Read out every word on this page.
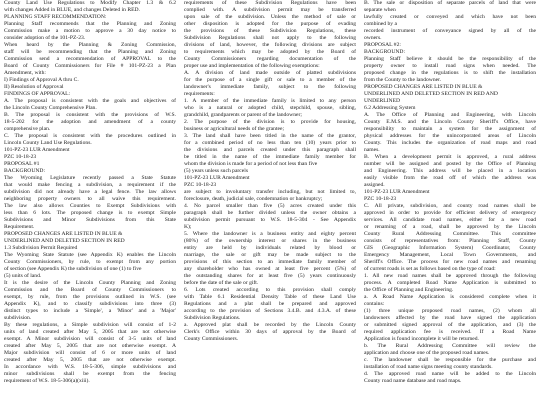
County Land Use Regulations to Modify Chapter 1.3 & 6.2
with changes Added in BLUE, and changes Deleted in RED.
PLANNING STAFF RECOMMENDATION:
Planning Staff recommends that the Planning and Zoning
Commission make a motion to approve a 30 day notice to
consider adoption of the 101-PZ-23.
When heard by the Planning & Zoning Commission,
staff will be recommending that the Planning and Zoning
Commission send a recommendation of APPROVAL to the
Board of County Commissioners for File # 101-PZ-23 a Plan
Amendment, with:
I) Findings of Approval A thru C.
II) Resolution of Approval
FINDINGS OF APPROVAL:
A. The proposal is consistent with the goals and objectives of
the Lincoln County Comprehensive Plan.
B. The proposal is consistent with the provisions of W.S.
18-5-202 for the adoption and amendment of a county
comprehensive plan.
C. The proposal is consistent with the procedures outlined in
Lincoln County Land Use Regulations.
101-PZ-23 LUR Amendment
PZC 10-18-23
PROPOSAL #1
BACKGROUND:
The Wyoming Legislature recently passed a State Statute
that would make fencing a subdivision, a requirement if the
subdivision did not already have a legal fence. The law allows
neighboring property owners to all waive this requirement.
The law also allows Counties to Exempt Subdivisions with
less than 6 lots. The proposed change is to exempt Simple
Subdivisions and Minor Subdivisions from this State
Requirement.
PROPOSED CHANGES ARE LISTED IN BLUE &
UNDERLINED AND DELETED SECTION IN RED
1.3 Subdivision Permit Required
The Wyoming State Statute (see Appendix K) enables the Lincoln
County Commissioners, by rule, to exempt from any portion
of section (see Appendix K) the subdivision of one (1) to five
(5) units of land.
It is the desire of the Lincoln County Planning and Zoning
Commission and the Board of County Commissioners to
exempt, by rule, from the provisions outlined in W.S. (see
Appendix K), and to classify subdivisions into three (3)
distinct types to include a 'Simple', a 'Minor' and a 'Major'
subdivision.
By these regulations, a Simple subdivision will consist of 1-2
units of land created after May 5, 2005 that are not otherwise
exempt. A Minor subdivision will consist of 3-5 units of land
created after May 5, 2005 that are not otherwise exempt. A
Major subdivision will consist of 6 or more units of land
created after May 5, 2005 that are not otherwise exempt.
In accordance with W.S. 18-5-306, simple subdivisions and
minor subdivisions shall be exempt from the fencing
requirement of W.S. 18-5-306(a)(xiii).
requirements of these Subdivision Regulations have been
complied with. A subdivision permit may be transferred
upon sale of the subdivision. Unless the method of sale or
other disposition is adopted for the purpose of evading
the provisions of these Subdivision Regulations, these
Subdivision Regulations shall not apply to the following
divisions of land, however, the following divisions are subject
to requirements which may be adopted by the Board of
County Commissioners regarding documentation of the
proper use and implementation of the following exemptions:
A. A division of land made outside of platted subdivisions
for the purpose of a single gift or sale to a member of the
landowner's immediate family, subject to the following
requirements:
1. A member of the immediate family is limited to any person
who is a natural or adopted child, stepchild, spouse, sibling,
grandchild, grandparents or parent of the landowner;
2. The purpose of the division is to provide for housing,
business or agricultural needs of the grantee;
3. The land shall have been titled in the name of the grantor,
for a combined period of no less than ten (10) years prior to
the divisions and parcels created under this paragraph shall
be titled in the name of the immediate family member for
whom the division is made for a period of not less than five
(5) years unless such parcels
101-PZ-23 LUR Amendment
PZC 10-18-23
are subject to involuntary transfer including, but not limited to,
foreclosure, death, judicial sale, condemnation or bankruptcy;
4. No parcel smaller than five (5) acres created under this
paragraph shall be further divided unless the owner obtains a
subdivision permit pursuant to W.S. 18-5-304 - See Appendix
K);
5. Where the landowner is a business entity and eighty percent
(80%) of the ownership interest or shares in the business
entity are held by individuals related by blood or
marriage, the sale or gift may be made subject to the
provisions of this section to an immediate family member of
any shareholder who has owned at least five percent (5%) of
the outstanding shares for at least five (5) years continuously
before the date of the sale or gift.
6. Lots created according to this provision shall comply
with Table 6.1 Residential Density Table of these Land Use
Regulations and a plat shall be prepared and approved
according to the provision of Sections 3.4.B. and 4.3.A. of these
Subdivision Regulations.
a. Approved plat shall be recorded by the Lincoln County
Clerk's Office within 30 days of approval by the Board of
County Commissioners.
B. The sale or disposition of separate parcels of land that were
separate when
lawfully created or conveyed and which have not been
combined by a
recorded instrument of conveyance signed by all of the
owners.
PROPOSAL #2:
BACKGROUND:
Planning Staff believe it should be the responsibility of the
property owner to install road signs when needed. The
proposed change in the regulations is to shift the installation
from the County to the landowner.
PROPOSED CHANGES ARE LISTED IN BLUE &
UNDERLINED AND DELETED SECTION IN RED AND
UNDERLINED
6.2 Addressing System
A. The Office of Planning and Engineering, with Lincoln
County E.M.S. and the Lincoln County Sheriff's Office, have
responsibility to maintain a system for the assignment of
physical addresses for the unincorporated areas of Lincoln
County. This includes the organization of road maps and road
names.
B. When a development permit is approved, a rural address
number will be assigned and posted by the Office of Planning
and Engineering. This address will be placed in a location
easily visible from the road off of which the address was
assigned.
101-PZ-23 LUR Amendment
PZC 10-18-23
C. All private, subdivision, and county road names shall be
approved in order to provide for efficient delivery of emergency
services. All candidate road names, either for a new road
or renaming of a road, shall be approved by the Lincoln
County Rural Addressing Committee. This committee
consists of representatives from: Planning Staff, County
GIS (Geographic Information System) Coordinator, County
Emergency Management, Local Town Governments, and
Sheriff's Office. The process for new road names and renaming
of current roads is set as follows based on the type of road:
1. All new road names shall be approved through the following
process. A completed Road Name Application is submitted to
the Office of Planning and Engineering.
a. A Road Name Application is considered complete when it
contains:
(1) three unique proposed road names, (2) whom all
landowners affected by the road have signed the application
or submitted signed approval of the application, and (3) the
required application fee is received. If a Road Name
Application is found incomplete it will be returned.
b. The Rural Addressing Committee will review the
application and choose one of the proposed road names.
c. The landowner shall be responsible for the purchase and
installation of road name signs meeting county standards.
d. The approved road name will be added to the Lincoln
County road name database and road maps.
